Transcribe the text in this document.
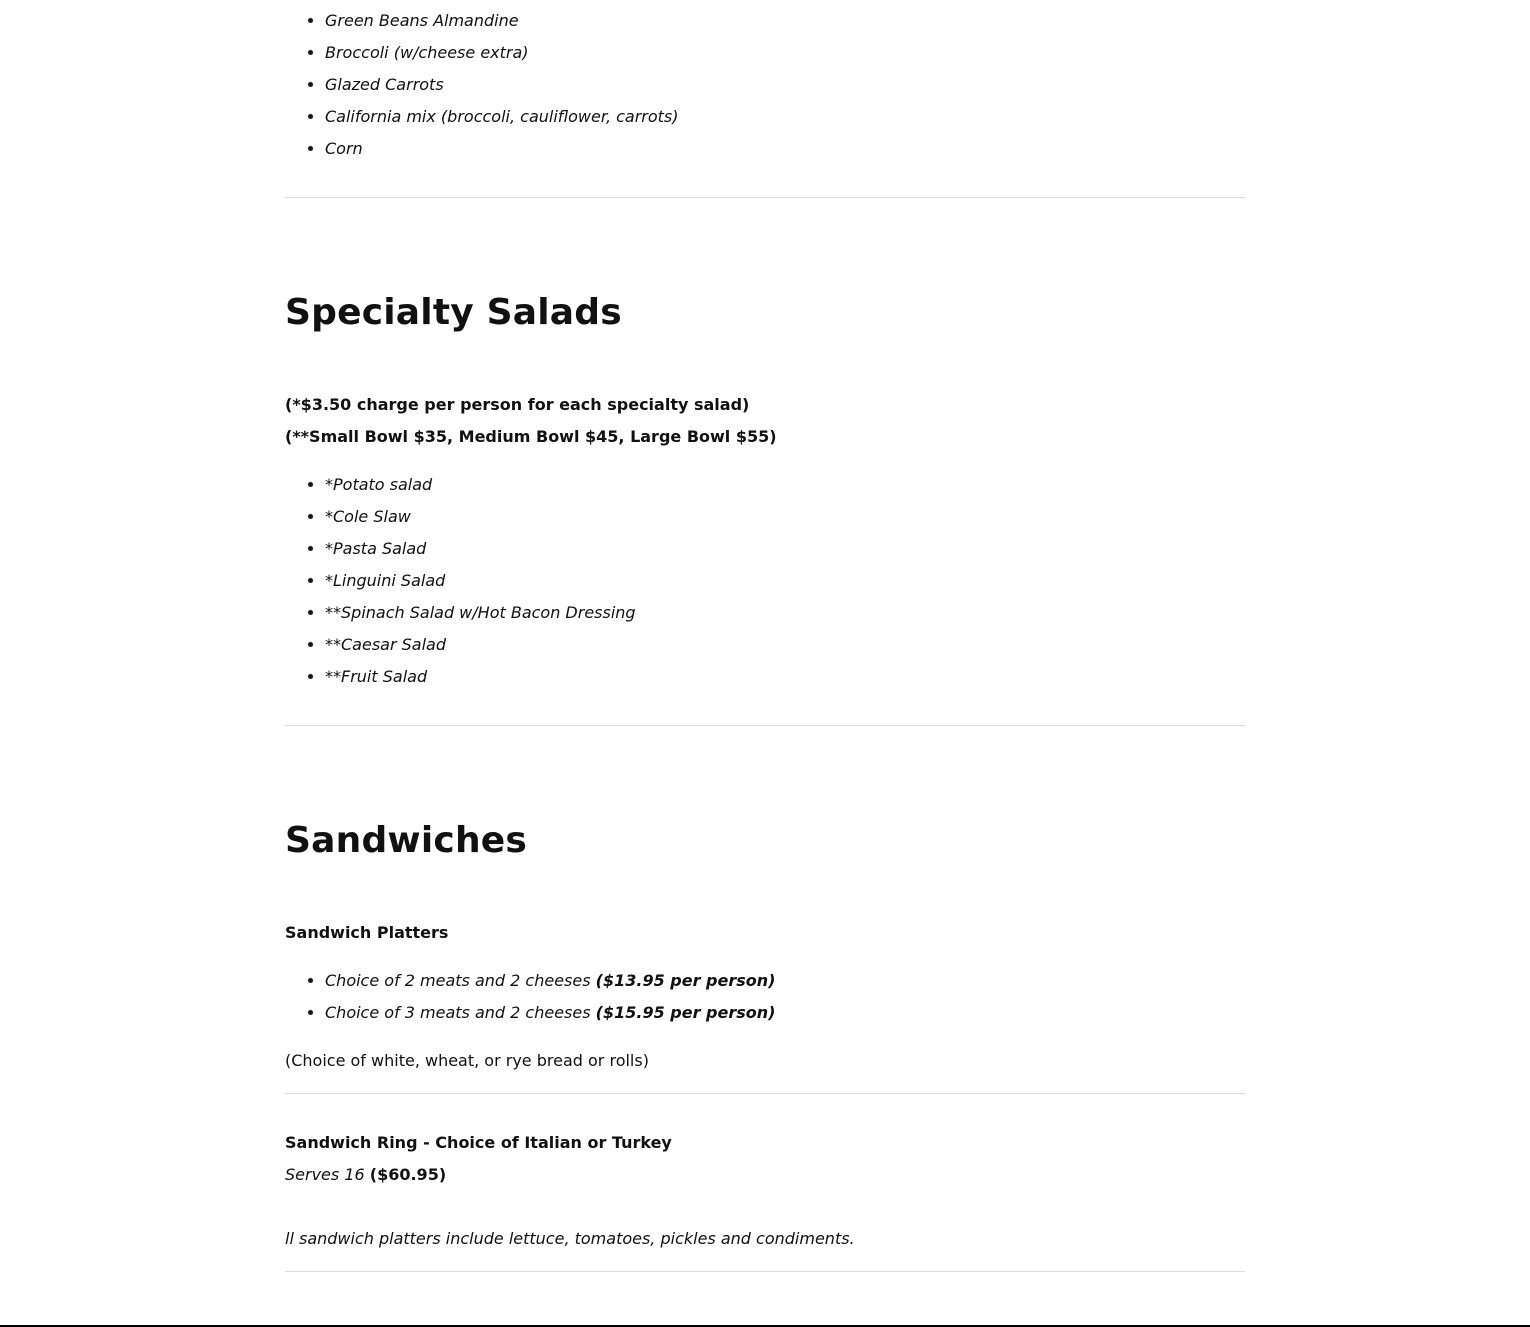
• Green Beans Almandine
• Broccoli (w/cheese extra)
• Glazed Carrots
• California mix (broccoli, cauliflower, carrots)
• Corn
Specialty Salads
(*$3.50 charge per person for each specialty salad)
(**Small Bowl $35, Medium Bowl $45, Large Bowl $55)
• *Potato salad
• *Cole Slaw
• *Pasta Salad
• *Linguini Salad
• **Spinach Salad w/Hot Bacon Dressing
• **Caesar Salad
• **Fruit Salad
Sandwiches
Sandwich Platters
• Choice of 2 meats and 2 cheeses ($13.95 per person)
• Choice of 3 meats and 2 cheeses ($15.95 per person)
(Choice of white, wheat, or rye bread or rolls)
Sandwich Ring - Choice of Italian or Turkey
Serves 16 ($60.95)
ll sandwich platters include lettuce, tomatoes, pickles and condiments.
